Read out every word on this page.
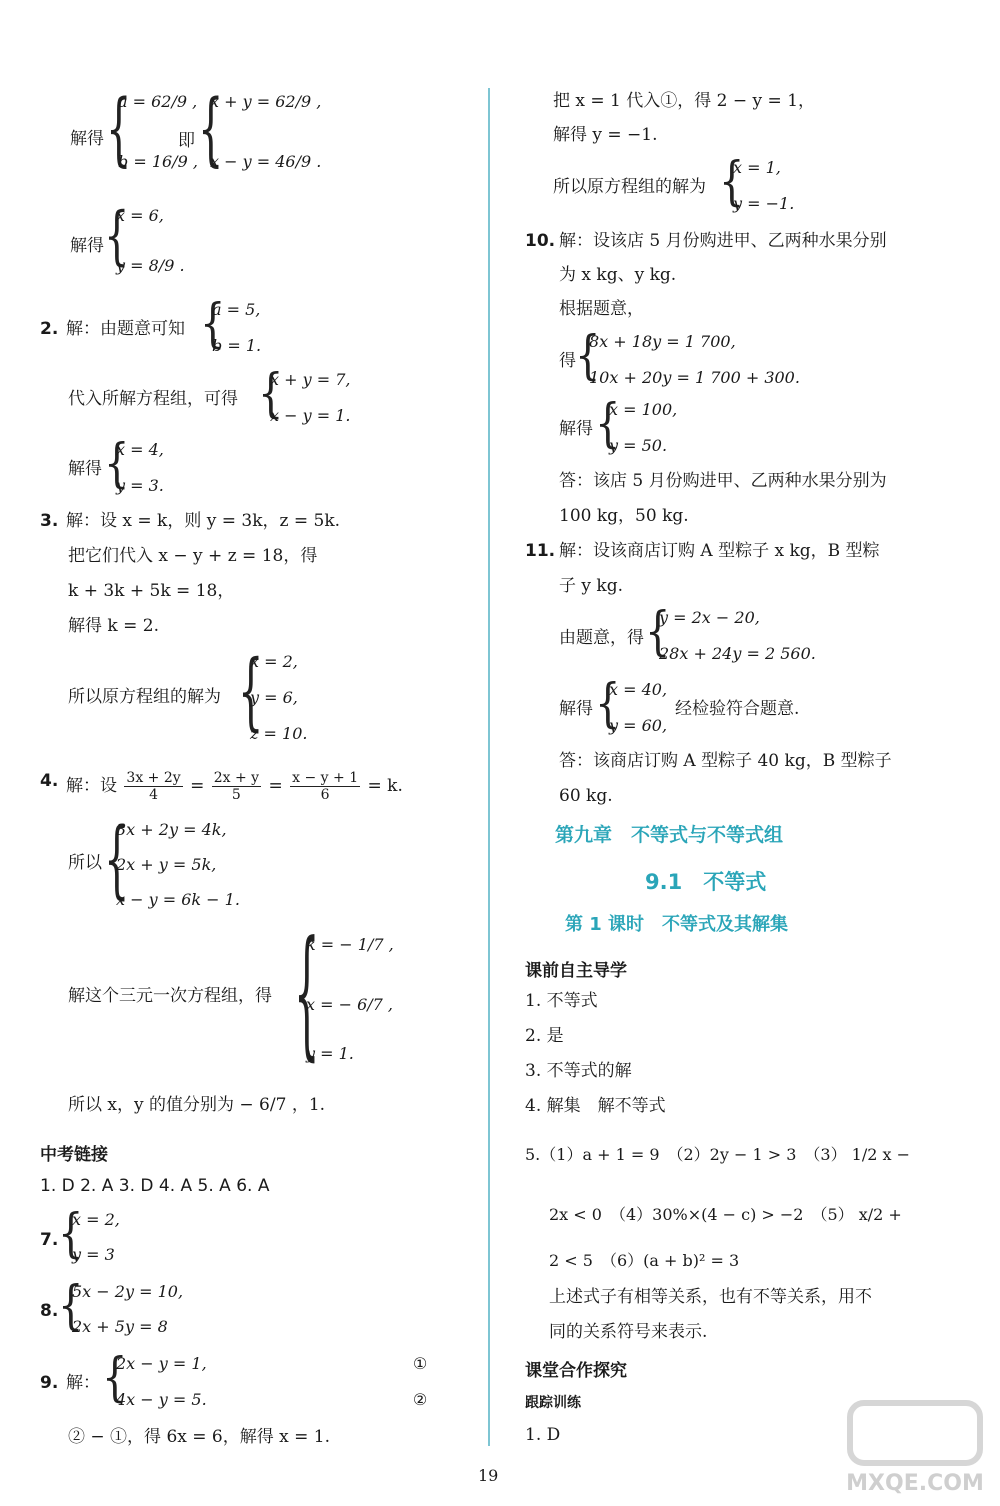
解得 {
a = 62/9 ,
b = 16/9 ,
即 {
x + y = 62/9 ,
x − y = 46/9 .
解得 {
x = 6,
y = 8/9 .
2. 解：由题意可知 {
a = 5,
b = 1.
代入所解方程组，可得 {
x + y = 7,
x − y = 1.
解得 {
x = 4,
y = 3.
3. 解：设 x = k，则 y = 3k，z = 5k.
把它们代入 x − y + z = 18，得
k + 3k + 5k = 18，
解得 k = 2.
所以原方程组的解为 {
x = 2,
y = 6,
z = 10.
4. 解：设 $\frac{3x + 2y}{4} = \frac{2x + y}{5} = \frac{x - y + 1}{6} = k$.
所以 {
3x + 2y = 4k,
2x + y = 5k,
x − y = 6k − 1.
解这个三元一次方程组，得 {
k = − 1/7 ,
x = − 6/7 ,
y = 1.
所以 x，y 的值分别为 − 6/7 ，1.
中考链接
1. D 2. A 3. D 4. A 5. A 6. A
7. {
x = 2,
y = 3
8. {
5x − 2y = 10,
2x + 5y = 8
9. 解： {
2x − y = 1,
4x − y = 5.
①
②
② − ①，得 6x = 6，解得 x = 1.
把 x = 1 代入①，得 2 − y = 1，
解得 y = −1.
所以原方程组的解为 {
x = 1,
y = −1.
10. 解：设该店 5 月份购进甲、乙两种水果分别
为 x kg、y kg.
根据题意，
得 {
8x + 18y = 1 700,
10x + 20y = 1 700 + 300.
解得 {
x = 100,
y = 50.
答：该店 5 月份购进甲、乙两种水果分别为
100 kg，50 kg.
11. 解：设该商店订购 A 型粽子 x kg，B 型粽
子 y kg.
由题意，得 {
y = 2x − 20,
28x + 24y = 2 560.
解得 {
x = 40,
y = 60,
经检验符合题意.
答：该商店订购 A 型粽子 40 kg，B 型粽子
60 kg.
第九章　不等式与不等式组
9.1　不等式
第 1 课时　不等式及其解集
课前自主导学
1. 不等式
2. 是
3. 不等式的解
4. 解集　解不等式
5.（1）a + 1 = 9　（2）2y − 1 > 3　（3） 1/2 x −
2x < 0　（4）30%×(4 − c) > −2　（5） x/2 +
2 < 5　（6）(a + b)² = 3
上述式子有相等关系，也有不等关系，用不
同的关系符号来表示.
课堂合作探究
跟踪训练
1. D
19	MXQE.COM
